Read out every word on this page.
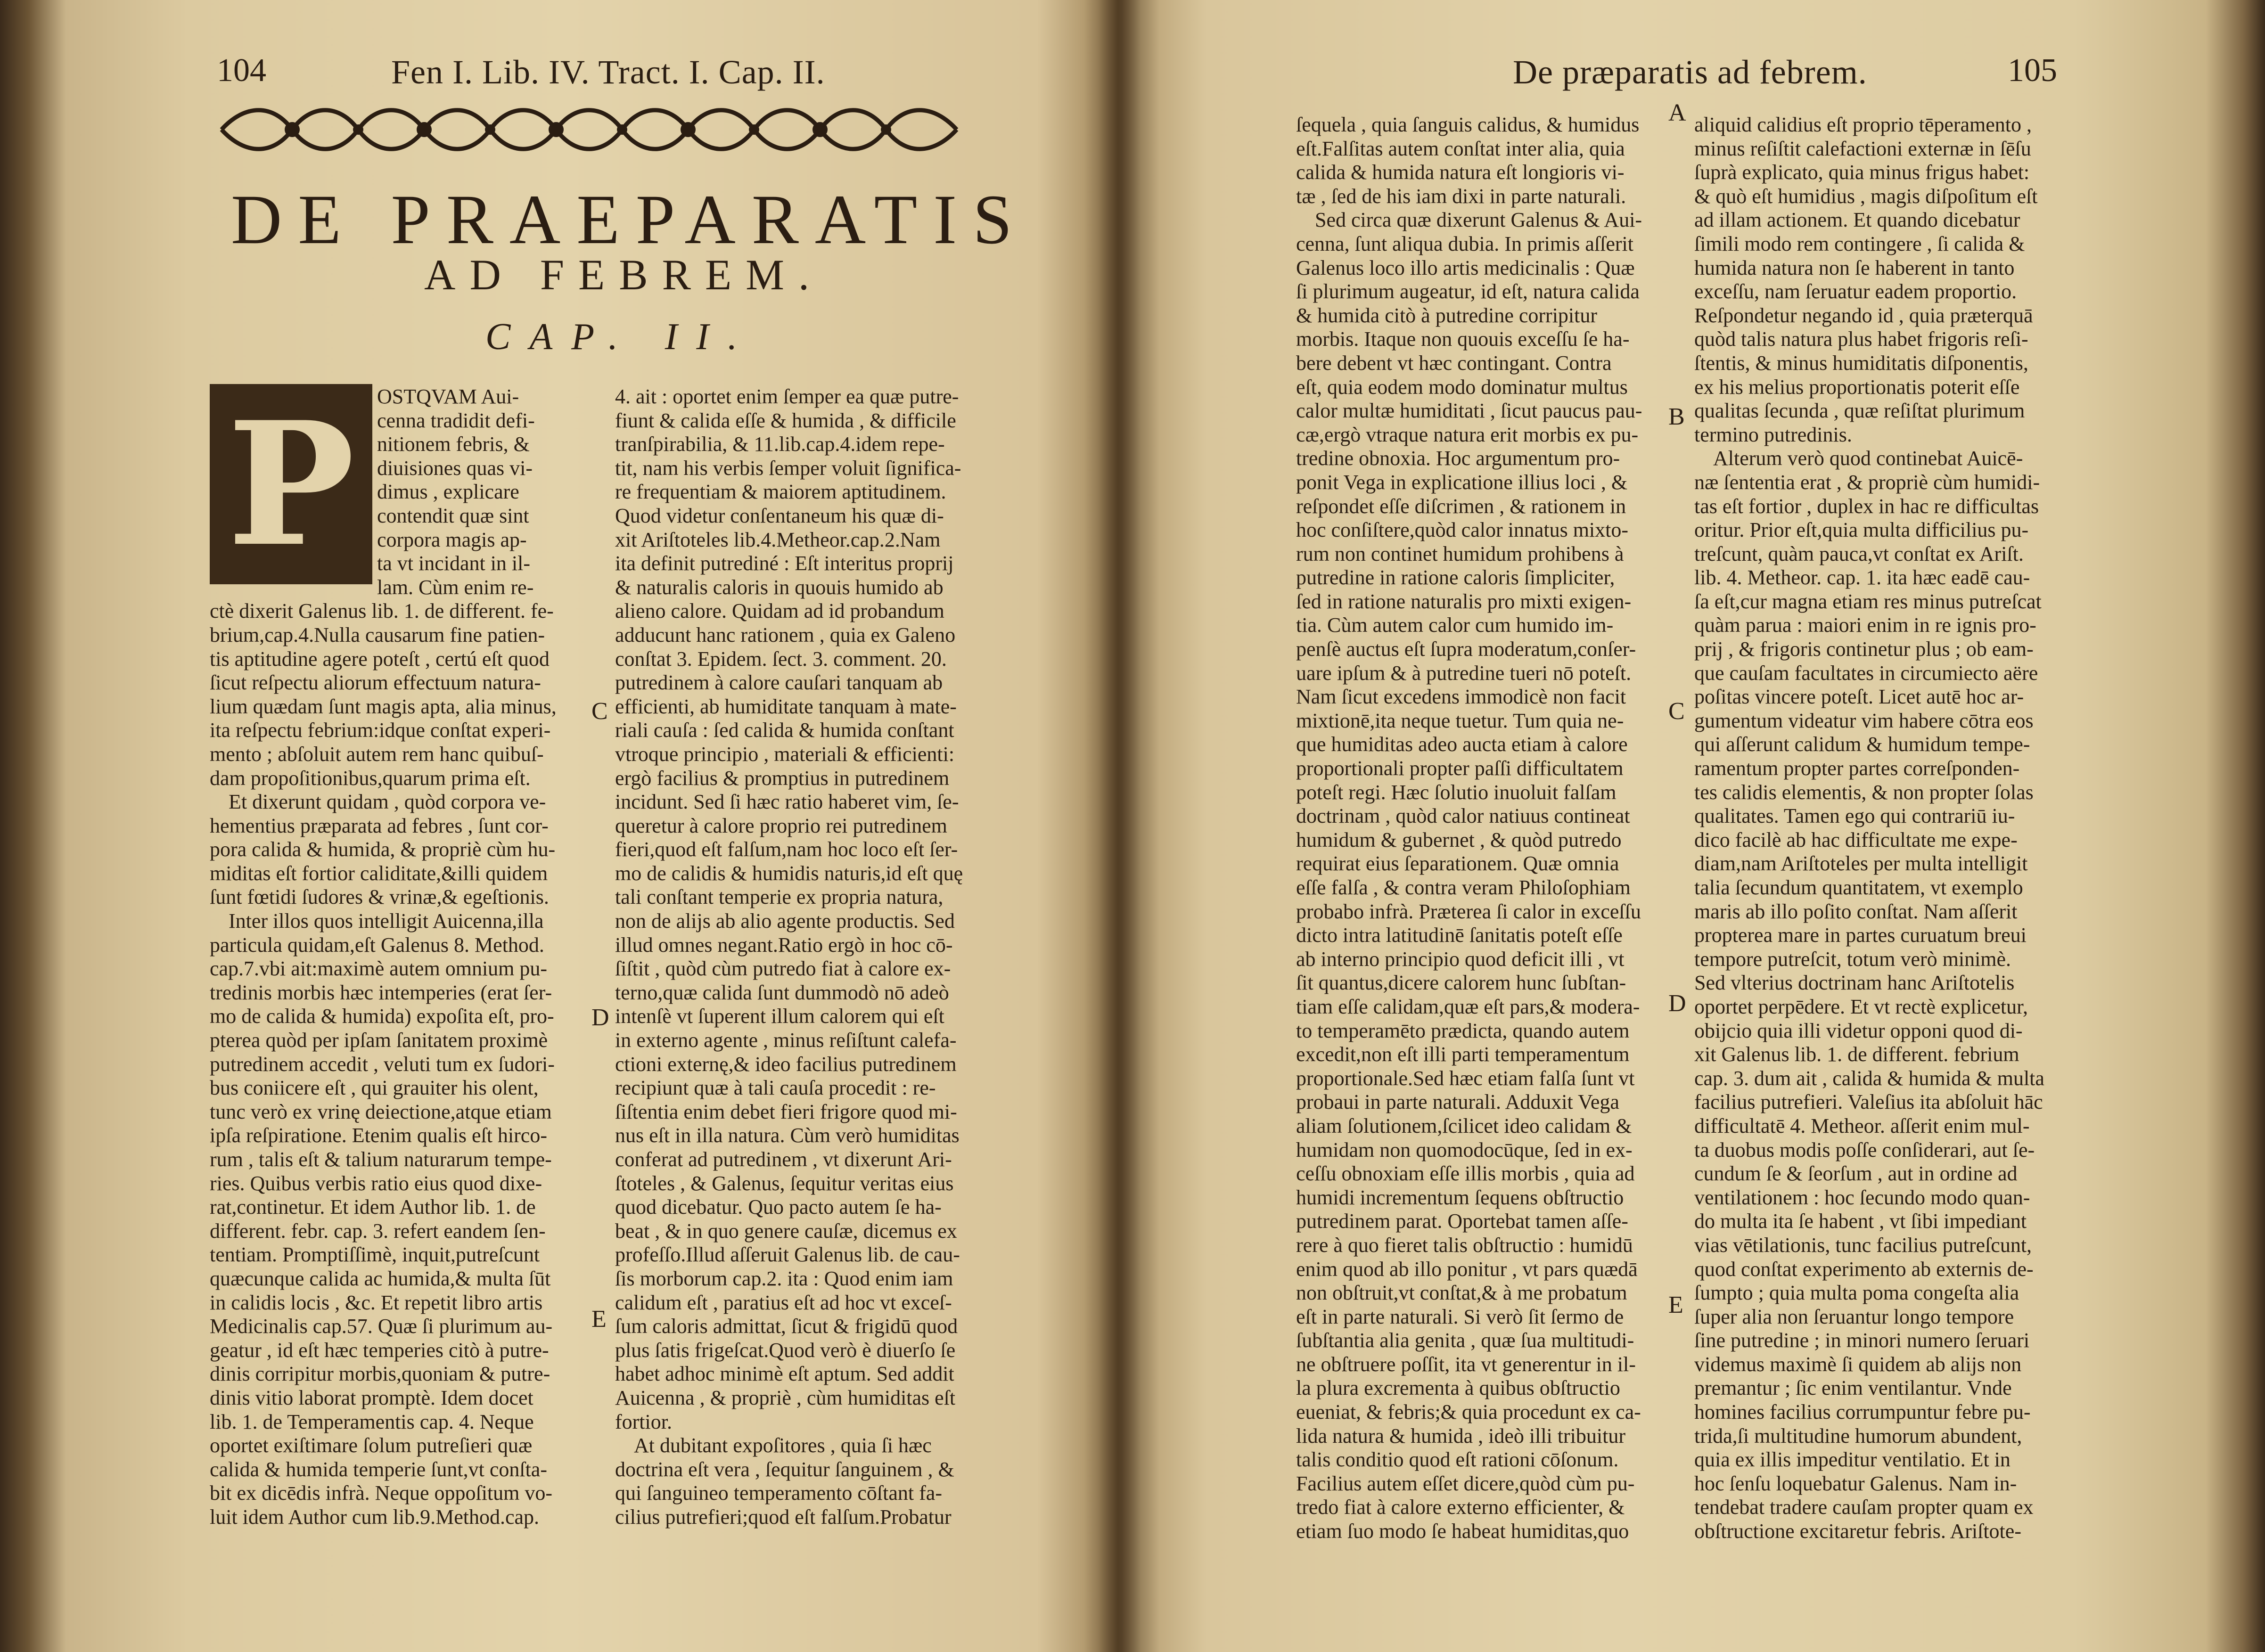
104	Fen I. Lib. IV. Tract. I. Cap. II.
DE PRAEPARATIS
AD FEBREM.
CAP. II.
P	OSTQVAM Aui-
cenna tradidit defi-
nitionem febris, &
diuisiones quas vi-
dimus , explicare
contendit quæ sint
corpora magis ap-
ta vt incidant in il-
lam. Cùm enim re-
ctè dixerit Galenus lib. 1. de different. fe-
brium,cap.4.Nulla causarum fine patien-
tis aptitudine agere poteſt , certú eſt quod
ſicut reſpectu aliorum effectuum natura-
lium quædam ſunt magis apta, alia minus,
ita reſpectu febrium:idque conſtat experi-
mento ; abſoluit autem rem hanc quibuſ-
dam propoſitionibus,quarum prima eſt.
Et dixerunt quidam , quòd corpora ve-
hementius præparata ad febres , ſunt cor-
pora calida & humida, & propriè cùm hu-
miditas eſt fortior caliditate,&illi quidem
ſunt fœtidi ſudores & vrinæ,& egeſtionis.
Inter illos quos intelligit Auicenna,illa
particula quidam,eſt Galenus 8. Method.
cap.7.vbi ait:maximè autem omnium pu-
tredinis morbis hæc intemperies (erat ſer-
mo de calida & humida) expoſita eſt, pro-
pterea quòd per ipſam ſanitatem proximè
putredinem accedit , veluti tum ex ſudori-
bus coniicere eſt , qui grauiter his olent,
tunc verò ex vrinę deiectione,atque etiam
ipſa reſpiratione. Etenim qualis eſt hirco-
rum , talis eſt & talium naturarum tempe-
ries. Quibus verbis ratio eius quod dixe-
rat,continetur. Et idem Author lib. 1. de
different. febr. cap. 3. refert eandem ſen-
tentiam. Promptiſſimè, inquit,putreſcunt
quæcunque calida ac humida,& multa ſūt
in calidis locis , &c. Et repetit libro artis
Medicinalis cap.57. Quæ ſi plurimum au-
geatur , id eſt hæc temperies citò à putre-
dinis corripitur morbis,quoniam & putre-
dinis vitio laborat promptè. Idem docet
lib. 1. de Temperamentis cap. 4. Neque
oportet exiſtimare ſolum putreſieri quæ
calida & humida temperie ſunt,vt conſta-
bit ex dicēdis infrà. Neque oppoſitum vo-
luit idem Author cum lib.9.Method.cap.
4. ait : oportet enim ſemper ea quæ putre-
fiunt & calida eſſe & humida , & difficile
tranſpirabilia, & 11.lib.cap.4.idem repe-
tit, nam his verbis ſemper voluit ſignifica-
re frequentiam & maiorem aptitudinem.
Quod videtur conſentaneum his quæ di-
xit Ariſtoteles lib.4.Metheor.cap.2.Nam
ita definit putrediné : Eſt interitus proprij
& naturalis caloris in quouis humido ab
alieno calore. Quidam ad id probandum
adducunt hanc rationem , quia ex Galeno
conſtat 3. Epidem. ſect. 3. comment. 20.
putredinem à calore cauſari tanquam ab
efficienti, ab humiditate tanquam à mate-
riali cauſa : ſed calida & humida conſtant
vtroque principio , materiali & efficienti:
ergò facilius & promptius in putredinem
incidunt. Sed ſi hæc ratio haberet vim, ſe-
queretur à calore proprio rei putredinem
fieri,quod eſt falſum,nam hoc loco eſt ſer-
mo de calidis & humidis naturis,id eſt quę
tali conſtant temperie ex propria natura,
non de alijs ab alio agente productis. Sed
illud omnes negant.Ratio ergò in hoc cō-
ſiſtit , quòd cùm putredo fiat à calore ex-
terno,quæ calida ſunt dummodò nō adeò
intenſè vt ſuperent illum calorem qui eſt
in externo agente , minus reſiſtunt calefa-
ctioni externę,& ideo facilius putredinem
recipiunt quæ à tali cauſa procedit : re-
ſiſtentia enim debet fieri frigore quod mi-
nus eſt in illa natura. Cùm verò humiditas
conferat ad putredinem , vt dixerunt Ari-
ſtoteles , & Galenus, ſequitur veritas eius
quod dicebatur. Quo pacto autem ſe ha-
beat , & in quo genere cauſæ, dicemus ex
profeſſo.Illud aſſeruit Galenus lib. de cau-
ſis morborum cap.2. ita : Quod enim iam
calidum eſt , paratius eſt ad hoc vt exceſ-
ſum caloris admittat, ſicut & frigidū quod
plus ſatis frigeſcat.Quod verò è diuerſo ſe
habet adhoc minimè eſt aptum. Sed addit
Auicenna , & propriè , cùm humiditas eſt
fortior.
At dubitant expoſitores , quia ſi hæc
doctrina eſt vera , ſequitur ſanguinem , &
qui ſanguineo temperamento cōſtant fa-
cilius putrefieri;quod eſt falſum.Probatur
C
D
E
De præparatis ad febrem.	105
ſequela , quia ſanguis calidus, & humidus
eſt.Falſitas autem conſtat inter alia, quia
calida & humida natura eſt longioris vi-
tæ , ſed de his iam dixi in parte naturali.
Sed circa quæ dixerunt Galenus & Aui-
cenna, ſunt aliqua dubia. In primis aſſerit
Galenus loco illo artis medicinalis : Quæ
ſi plurimum augeatur, id eſt, natura calida
& humida citò à putredine corripitur
morbis. Itaque non quouis exceſſu ſe ha-
bere debent vt hæc contingant. Contra
eſt, quia eodem modo dominatur multus
calor multæ humiditati , ſicut paucus pau-
cæ,ergò vtraque natura erit morbis ex pu-
tredine obnoxia. Hoc argumentum pro-
ponit Vega in explicatione illius loci , &
reſpondet eſſe diſcrimen , & rationem in
hoc conſiſtere,quòd calor innatus mixto-
rum non continet humidum prohibens à
putredine in ratione caloris ſimpliciter,
ſed in ratione naturalis pro mixti exigen-
tia. Cùm autem calor cum humido im-
penſè auctus eſt ſupra moderatum,conſer-
uare ipſum & à putredine tueri nō poteſt.
Nam ſicut excedens immodicè non facit
mixtionē,ita neque tuetur. Tum quia ne-
que humiditas adeo aucta etiam à calore
proportionali propter paſſi difficultatem
poteſt regi. Hæc ſolutio inuoluit falſam
doctrinam , quòd calor natiuus contineat
humidum & gubernet , & quòd putredo
requirat eius ſeparationem. Quæ omnia
eſſe falſa , & contra veram Philoſophiam
probabo infrà. Præterea ſi calor in exceſſu
dicto intra latitudinē ſanitatis poteſt eſſe
ab interno principio quod deficit illi , vt
ſit quantus,dicere calorem hunc ſubſtan-
tiam eſſe calidam,quæ eſt pars,& modera-
to temperamēto prædicta, quando autem
excedit,non eſt illi parti temperamentum
proportionale.Sed hæc etiam falſa ſunt vt
probaui in parte naturali. Adduxit Vega
aliam ſolutionem,ſcilicet ideo calidam &
humidam non quomodocūque, ſed in ex-
ceſſu obnoxiam eſſe illis morbis , quia ad
humidi incrementum ſequens obſtructio
putredinem parat. Oportebat tamen aſſe-
rere à quo fieret talis obſtructio : humidū
enim quod ab illo ponitur , vt pars quædā
non obſtruit,vt conſtat,& à me probatum
eſt in parte naturali. Si verò ſit ſermo de
ſubſtantia alia genita , quæ ſua multitudi-
ne obſtruere poſſit, ita vt generentur in il-
la plura excrementa à quibus obſtructio
eueniat, & febris;& quia procedunt ex ca-
lida natura & humida , ideò illi tribuitur
talis conditio quod eſt rationi cōſonum.
Facilius autem eſſet dicere,quòd cùm pu-
tredo fiat à calore externo efficienter, &
etiam ſuo modo ſe habeat humiditas,quo
aliquid calidius eſt proprio tēperamento ,
minus reſiſtit calefactioni externæ in ſēſu
ſuprà explicato, quia minus frigus habet:
& quò eſt humidius , magis diſpoſitum eſt
ad illam actionem. Et quando dicebatur
ſimili modo rem contingere , ſi calida &
humida natura non ſe haberent in tanto
exceſſu, nam ſeruatur eadem proportio.
Reſpondetur negando id , quia præterquā
quòd talis natura plus habet frigoris reſi-
ſtentis, & minus humiditatis diſponentis,
ex his melius proportionatis poterit eſſe
qualitas ſecunda , quæ reſiſtat plurimum
termino putredinis.
Alterum verò quod continebat Auicē-
næ ſententia erat , & propriè cùm humidi-
tas eſt fortior , duplex in hac re difficultas
oritur. Prior eſt,quia multa difficilius pu-
treſcunt, quàm pauca,vt conſtat ex Ariſt.
lib. 4. Metheor. cap. 1. ita hæc eadē cau-
ſa eſt,cur magna etiam res minus putreſcat
quàm parua : maiori enim in re ignis pro-
prij , & frigoris continetur plus ; ob eam-
que cauſam facultates in circumiecto aëre
poſitas vincere poteſt. Licet autē hoc ar-
gumentum videatur vim habere cōtra eos
qui aſſerunt calidum & humidum tempe-
ramentum propter partes correſponden-
tes calidis elementis, & non propter ſolas
qualitates. Tamen ego qui contrariū iu-
dico facilè ab hac difficultate me expe-
diam,nam Ariſtoteles per multa intelligit
talia ſecundum quantitatem, vt exemplo
maris ab illo poſito conſtat. Nam aſſerit
propterea mare in partes curuatum breui
tempore putreſcit, totum verò minimè.
Sed vlterius doctrinam hanc Ariſtotelis
oportet perpēdere. Et vt rectè explicetur,
obijcio quia illi videtur opponi quod di-
xit Galenus lib. 1. de different. febrium
cap. 3. dum ait , calida & humida & multa
facilius putrefieri. Valeſius ita abſoluit hāc
difficultatē 4. Metheor. aſſerit enim mul-
ta duobus modis poſſe conſiderari, aut ſe-
cundum ſe & ſeorſum , aut in ordine ad
ventilationem : hoc ſecundo modo quan-
do multa ita ſe habent , vt ſibi impediant
vias vētilationis, tunc facilius putreſcunt,
quod conſtat experimento ab externis de-
ſumpto ; quia multa poma congeſta alia
ſuper alia non ſeruantur longo tempore
ſine putredine ; in minori numero ſeruari
videmus maximè ſi quidem ab alijs non
premantur ; ſic enim ventilantur. Vnde
homines facilius corrumpuntur febre pu-
trida,ſi multitudine humorum abundent,
quia ex illis impeditur ventilatio. Et in
hoc ſenſu loquebatur Galenus. Nam in-
tendebat tradere cauſam propter quam ex
obſtructione excitaretur febris. Ariſtote-
A
B
C
D
E
